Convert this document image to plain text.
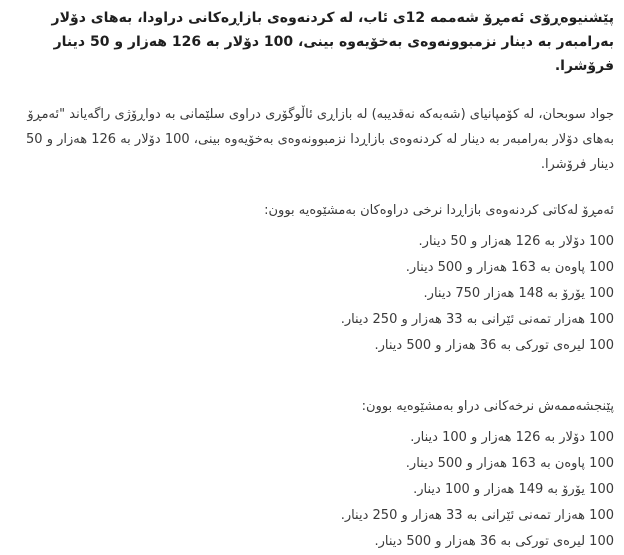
پێشنیوەڕۆی ئەمڕۆ شەممە 12ی ئاب، لە کردنەوەی بازاڕەکانی دراودا، بەهای دۆلار بەرامبەر بە دینار نزمبوونەوەی بەخۆیەوە بینی، 100 دۆلار بە 126 هەزار و 50 دینار فرۆشرا.

جواد سوبحان، لە کۆمپانیای (شەبەکە نەقدیبە) لە بازاڕی ئاڵوگۆری دراوی سلێمانی بە دواڕۆژی راگەیاند "ئەمڕۆ بەهای دۆلار بەرامبەر بە دینار لە کردنەوەی بازاڕدا نزمبوونەوەی بەخۆیەوە بینی، 100 دۆلار بە 126 هەزار و 50 دینار فرۆشرا.

ئەمڕۆ لەکاتی کردنەوەی بازاڕدا نرخی دراوەکان بەمشێوەیە بوون:

100 دۆلار بە 126 هەزار و 50 دینار.
100 پاوەن بە 163 هەزار و 500 دینار.
100 یۆرۆ بە 148 هەزار 750 دینار.
100 هەزار تمەنی ئێرانی بە 33 هەزار و 250 دینار.
100 لیرەی تورکی بە 36 هەزار و 500 دینار.

پێنجشەممەش نرخەکانی دراو بەمشێوەیە بوون:

100 دۆلار بە 126 هەزار و 100 دینار.
100 پاوەن بە 163 هەزار و 500 دینار.
100 یۆرۆ بە 149 هەزار و 100 دینار.
100 هەزار تمەنی ئێرانی بە 33 هەزار و 250 دینار.
100 لیرەی تورکی بە 36 هەزار و 500 دینار.
